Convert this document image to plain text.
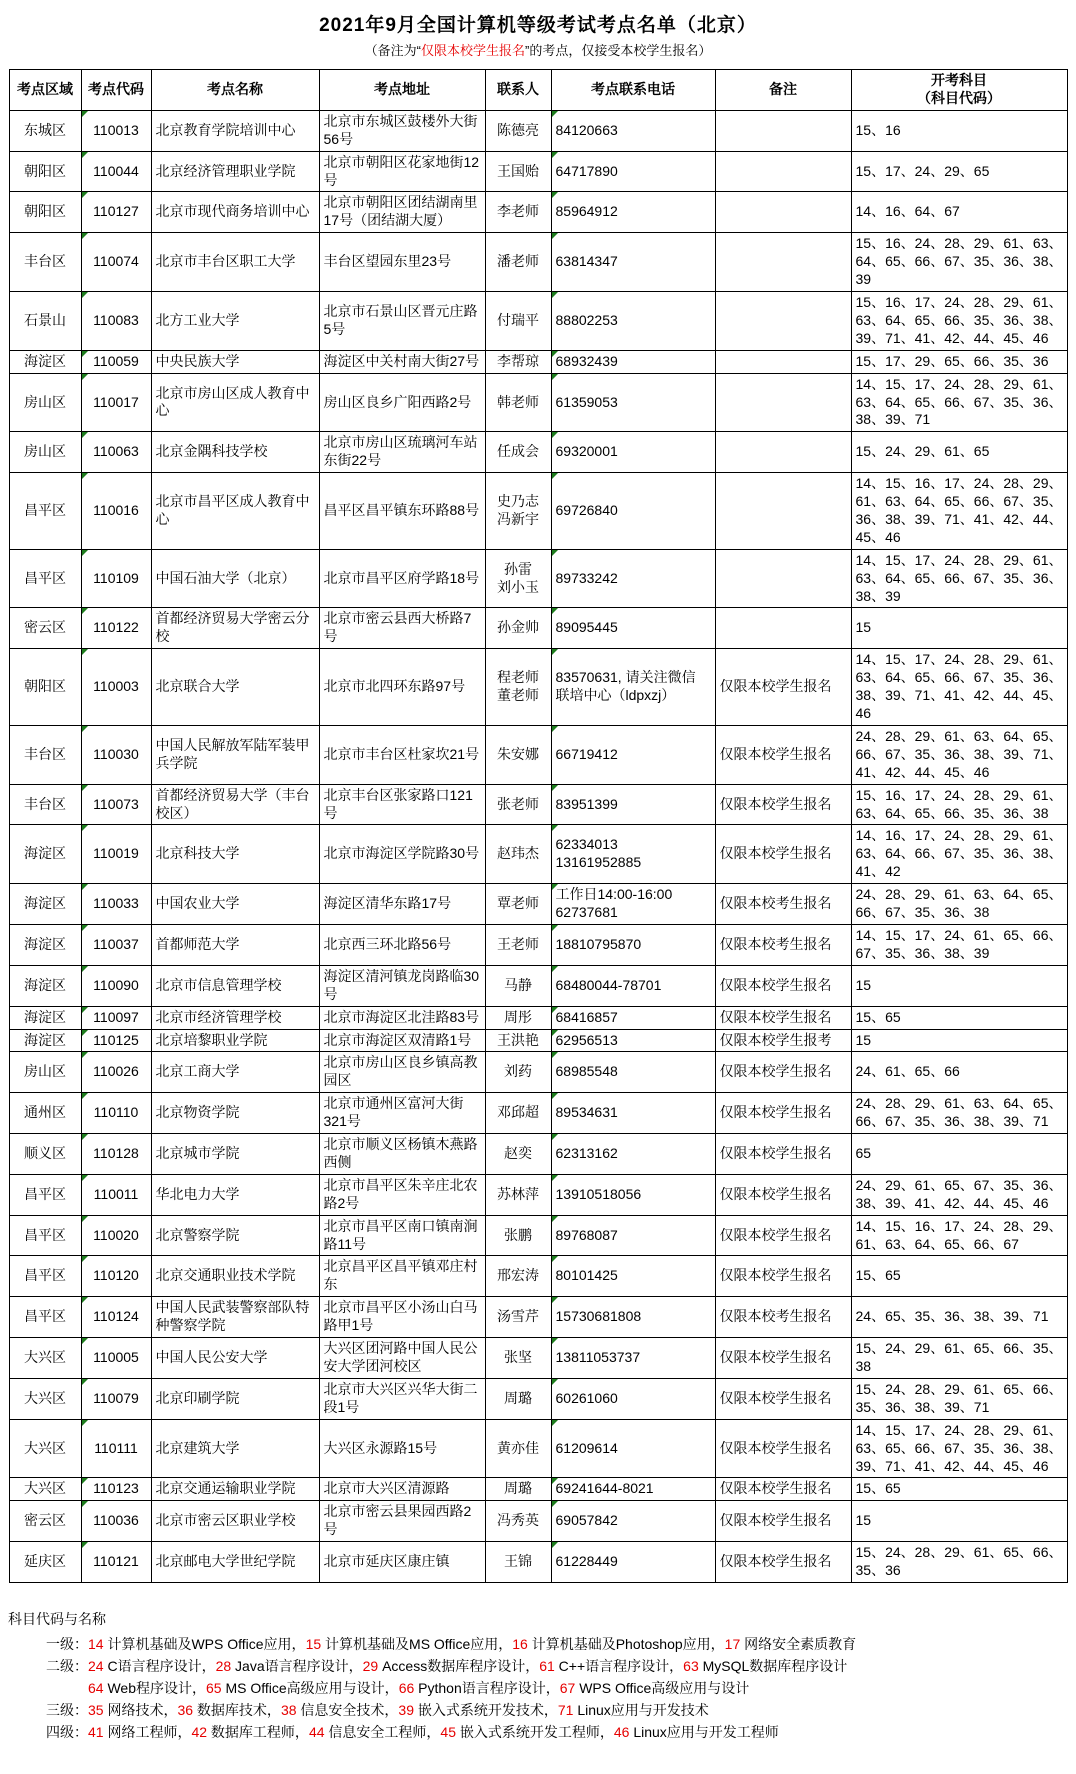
2021年9月全国计算机等级考试考点名单（北京）
（备注为“仅限本校学生报名”的考点，仅接受本校学生报名）
考点区域	考点代码	考点名称	考点地址	联系人	考点联系电话	备注	开考科目
（科目代码）
东城区	110013	北京教育学院培训中心	北京市东城区鼓楼外大街56号	陈德亮	84120663		15、16
朝阳区	110044	北京经济管理职业学院	北京市朝阳区花家地街12号	王国贻	64717890		15、17、24、29、65
朝阳区	110127	北京市现代商务培训中心	北京市朝阳区团结湖南里17号（团结湖大厦）	李老师	85964912		14、16、64、67
丰台区	110074	北京市丰台区职工大学	丰台区望园东里23号	潘老师	63814347		15、16、24、28、29、61、63、64、65、66、67、35、36、38、39
石景山	110083	北方工业大学	北京市石景山区晋元庄路5号	付瑞平	88802253		15、16、17、24、28、29、61、63、64、65、66、35、36、38、39、71、41、42、44、45、46
海淀区	110059	中央民族大学	海淀区中关村南大街27号	李帮琼	68932439		15、17、29、65、66、35、36
房山区	110017	北京市房山区成人教育中心	房山区良乡广阳西路2号	韩老师	61359053		14、15、17、24、28、29、61、63、64、65、66、67、35、36、38、39、71
房山区	110063	北京金隅科技学校	北京市房山区琉璃河车站东街22号	任成会	69320001		15、24、29、61、65
昌平区	110016	北京市昌平区成人教育中心	昌平区昌平镇东环路88号	史乃志
冯新宇	69726840		14、15、16、17、24、28、29、61、63、64、65、66、67、35、36、38、39、71、41、42、44、45、46
昌平区	110109	中国石油大学（北京）	北京市昌平区府学路18号	孙雷
刘小玉	89733242		14、15、17、24、28、29、61、63、64、65、66、67、35、36、38、39
密云区	110122	首都经济贸易大学密云分校	北京市密云县西大桥路7号	孙金帅	89095445		15
朝阳区	110003	北京联合大学	北京市北四环东路97号	程老师
董老师	83570631, 请关注微信
联培中心（ldpxzj）	仅限本校学生报名	14、15、17、24、28、29、61、63、64、65、66、67、35、36、38、39、71、41、42、44、45、46
丰台区	110030	中国人民解放军陆军装甲兵学院	北京市丰台区杜家坎21号	朱安娜	66719412	仅限本校学生报名	24、28、29、61、63、64、65、66、67、35、36、38、39、71、41、42、44、45、46
丰台区	110073	首都经济贸易大学（丰台校区）	北京丰台区张家路口121号	张老师	83951399	仅限本校学生报名	15、16、17、24、28、29、61、63、64、65、66、35、36、38
海淀区	110019	北京科技大学	北京市海淀区学院路30号	赵玮杰	62334013
13161952885	仅限本校学生报名	14、16、17、24、28、29、61、63、64、66、67、35、36、38、41、42
海淀区	110033	中国农业大学	海淀区清华东路17号	覃老师	工作日14:00-16:00
62737681	仅限本校考生报名	24、28、29、61、63、64、65、66、67、35、36、38
海淀区	110037	首都师范大学	北京西三环北路56号	王老师	18810795870	仅限本校考生报名	14、15、17、24、61、65、66、67、35、36、38、39
海淀区	110090	北京市信息管理学校	海淀区清河镇龙岗路临30号	马静	68480044-78701	仅限本校学生报名	15
海淀区	110097	北京市经济管理学校	北京市海淀区北洼路83号	周彤	68416857	仅限本校学生报名	15、65
海淀区	110125	北京培黎职业学院	北京市海淀区双清路1号	王洪艳	62956513	仅限本校学生报考	15
房山区	110026	北京工商大学	北京市房山区良乡镇高教园区	刘药	68985548	仅限本校学生报名	24、61、65、66
通州区	110110	北京物资学院	北京市通州区富河大街321号	邓邱超	89534631	仅限本校学生报名	24、28、29、61、63、64、65、66、67、35、36、38、39、71
顺义区	110128	北京城市学院	北京市顺义区杨镇木燕路西侧	赵奕	62313162	仅限本校学生报名	65
昌平区	110011	华北电力大学	北京市昌平区朱辛庄北农路2号	苏林萍	13910518056	仅限本校学生报名	24、29、61、65、67、35、36、38、39、41、42、44、45、46
昌平区	110020	北京警察学院	北京市昌平区南口镇南涧路11号	张鹏	89768087	仅限本校学生报名	14、15、16、17、24、28、29、61、63、64、65、66、67
昌平区	110120	北京交通职业技术学院	北京昌平区昌平镇邓庄村东	邢宏涛	80101425	仅限本校学生报名	15、65
昌平区	110124	中国人民武装警察部队特种警察学院	北京市昌平区小汤山白马路甲1号	汤雪芹	15730681808	仅限本校考生报名	24、65、35、36、38、39、71
大兴区	110005	中国人民公安大学	大兴区团河路中国人民公安大学团河校区	张坚	13811053737	仅限本校学生报名	15、24、29、61、65、66、35、38
大兴区	110079	北京印刷学院	北京市大兴区兴华大街二段1号	周璐	60261060	仅限本校学生报名	15、24、28、29、61、65、66、35、36、38、39、71
大兴区	110111	北京建筑大学	大兴区永源路15号	黄亦佳	61209614	仅限本校学生报名	14、15、17、24、28、29、61、63、65、66、67、35、36、38、39、71、41、42、44、45、46
大兴区	110123	北京交通运输职业学院	北京市大兴区清源路	周璐	69241644-8021	仅限本校学生报名	15、65
密云区	110036	北京市密云区职业学校	北京市密云县果园西路2号	冯秀英	69057842	仅限本校学生报名	15
延庆区	110121	北京邮电大学世纪学院	北京市延庆区康庄镇	王锦	61228449	仅限本校学生报名	15、24、28、29、61、65、66、35、36
科目代码与名称
一级：14 计算机基础及WPS Office应用，15 计算机基础及MS Office应用，16 计算机基础及Photoshop应用，17 网络安全素质教育
二级：24 C语言程序设计，28 Java语言程序设计，29 Access数据库程序设计，61 C++语言程序设计，63 MySQL数据库程序设计
64 Web程序设计，65 MS Office高级应用与设计，66 Python语言程序设计，67 WPS Office高级应用与设计
三级：35 网络技术，36 数据库技术，38 信息安全技术，39 嵌入式系统开发技术，71 Linux应用与开发技术
四级：41 网络工程师，42 数据库工程师，44 信息安全工程师，45 嵌入式系统开发工程师，46 Linux应用与开发工程师
